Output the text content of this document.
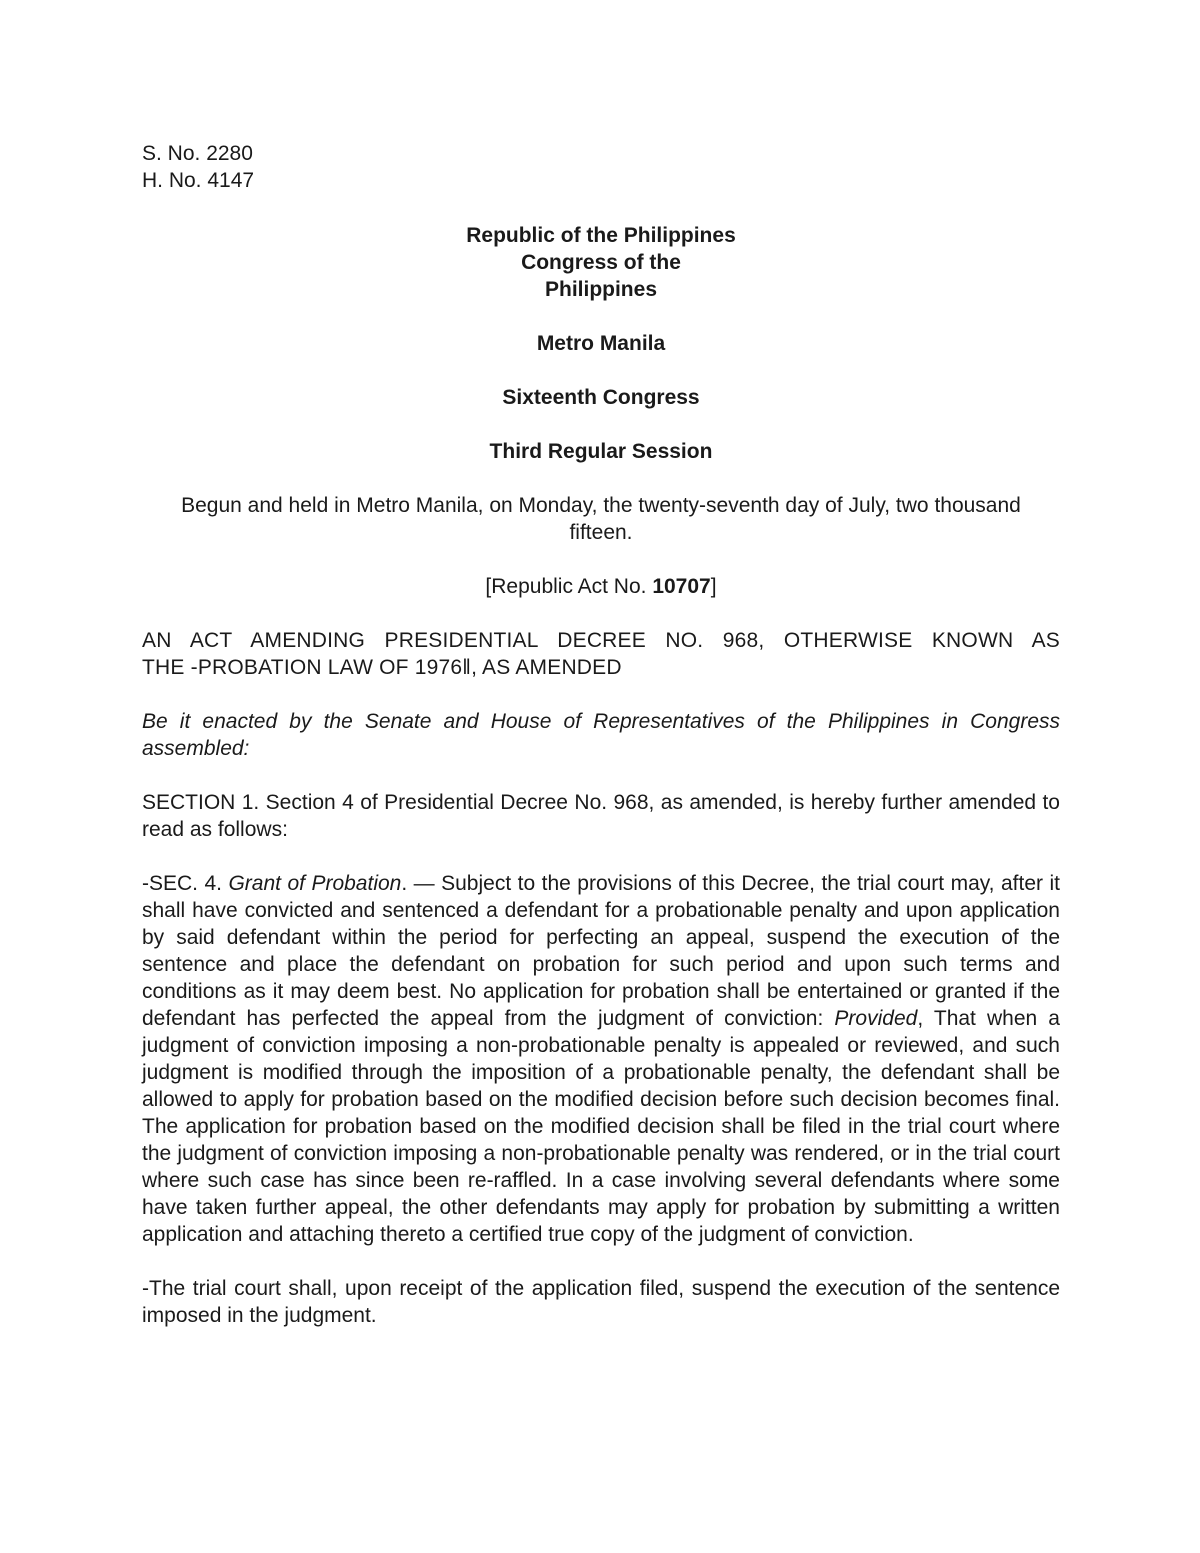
S. No. 2280
H. No. 4147
Republic of the Philippines
Congress of the
Philippines
Metro Manila
Sixteenth Congress
Third Regular Session

Begun and held in Metro Manila, on Monday, the twenty-seventh day of July, two thousand fifteen.

[Republic Act No. 10707]

AN ACT AMENDING PRESIDENTIAL DECREE NO. 968, OTHERWISE KNOWN AS
THE -PROBATION LAW OF 1976‖, AS AMENDED

Be it enacted by the Senate and House of Representatives of the Philippines in Congress assembled:

SECTION 1. Section 4 of Presidential Decree No. 968, as amended, is hereby further amended to read as follows:

-SEC. 4. Grant of Probation. — Subject to the provisions of this Decree, the trial court may, after it shall have convicted and sentenced a defendant for a probationable penalty and upon application by said defendant within the period for perfecting an appeal, suspend the execution of the sentence and place the defendant on probation for such period and upon such terms and conditions as it may deem best. No application for probation shall be entertained or granted if the defendant has perfected the appeal from the judgment of conviction: Provided, That when a judgment of conviction imposing a non-probationable penalty is appealed or reviewed, and such judgment is modified through the imposition of a probationable penalty, the defendant shall be allowed to apply for probation based on the modified decision before such decision becomes final. The application for probation based on the modified decision shall be filed in the trial court where the judgment of conviction imposing a non-probationable penalty was rendered, or in the trial court where such case has since been re-raffled. In a case involving several defendants where some have taken further appeal, the other defendants may apply for probation by submitting a written application and attaching thereto a certified true copy of the judgment of conviction.

-The trial court shall, upon receipt of the application filed, suspend the execution of the sentence imposed in the judgment.
